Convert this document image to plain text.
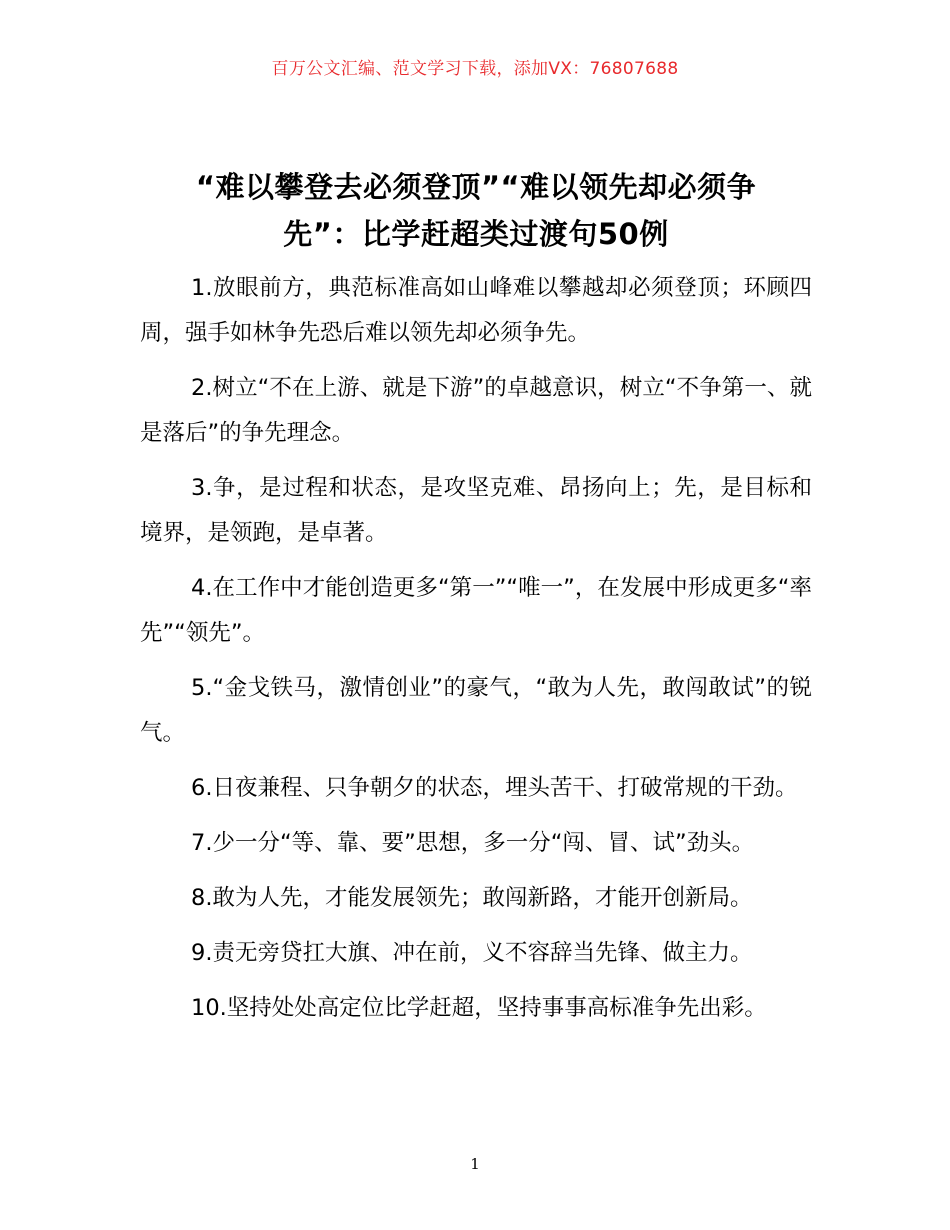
百万公文汇编、范文学习下载，添加VX：76807688
“难以攀登去必须登顶”“难以领先却必须争
先”：比学赶超类过渡句50例

1.放眼前方，典范标准高如山峰难以攀越却必须登顶；环顾四周，强手如林争先恐后难以领先却必须争先。

2.树立“不在上游、就是下游”的卓越意识，树立“不争第一、就是落后”的争先理念。

3.争，是过程和状态，是攻坚克难、昂扬向上；先，是目标和境界，是领跑，是卓著。

4.在工作中才能创造更多“第一”“唯一”，在发展中形成更多“率先”“领先”。

5.“金戈铁马，激情创业”的豪气，“敢为人先，敢闯敢试”的锐气。

6.日夜兼程、只争朝夕的状态，埋头苦干、打破常规的干劲。

7.少一分“等、靠、要”思想，多一分“闯、冒、试”劲头。

8.敢为人先，才能发展领先；敢闯新路，才能开创新局。

9.责无旁贷扛大旗、冲在前，义不容辞当先锋、做主力。

10.坚持处处高定位比学赶超，坚持事事高标准争先出彩。

1
